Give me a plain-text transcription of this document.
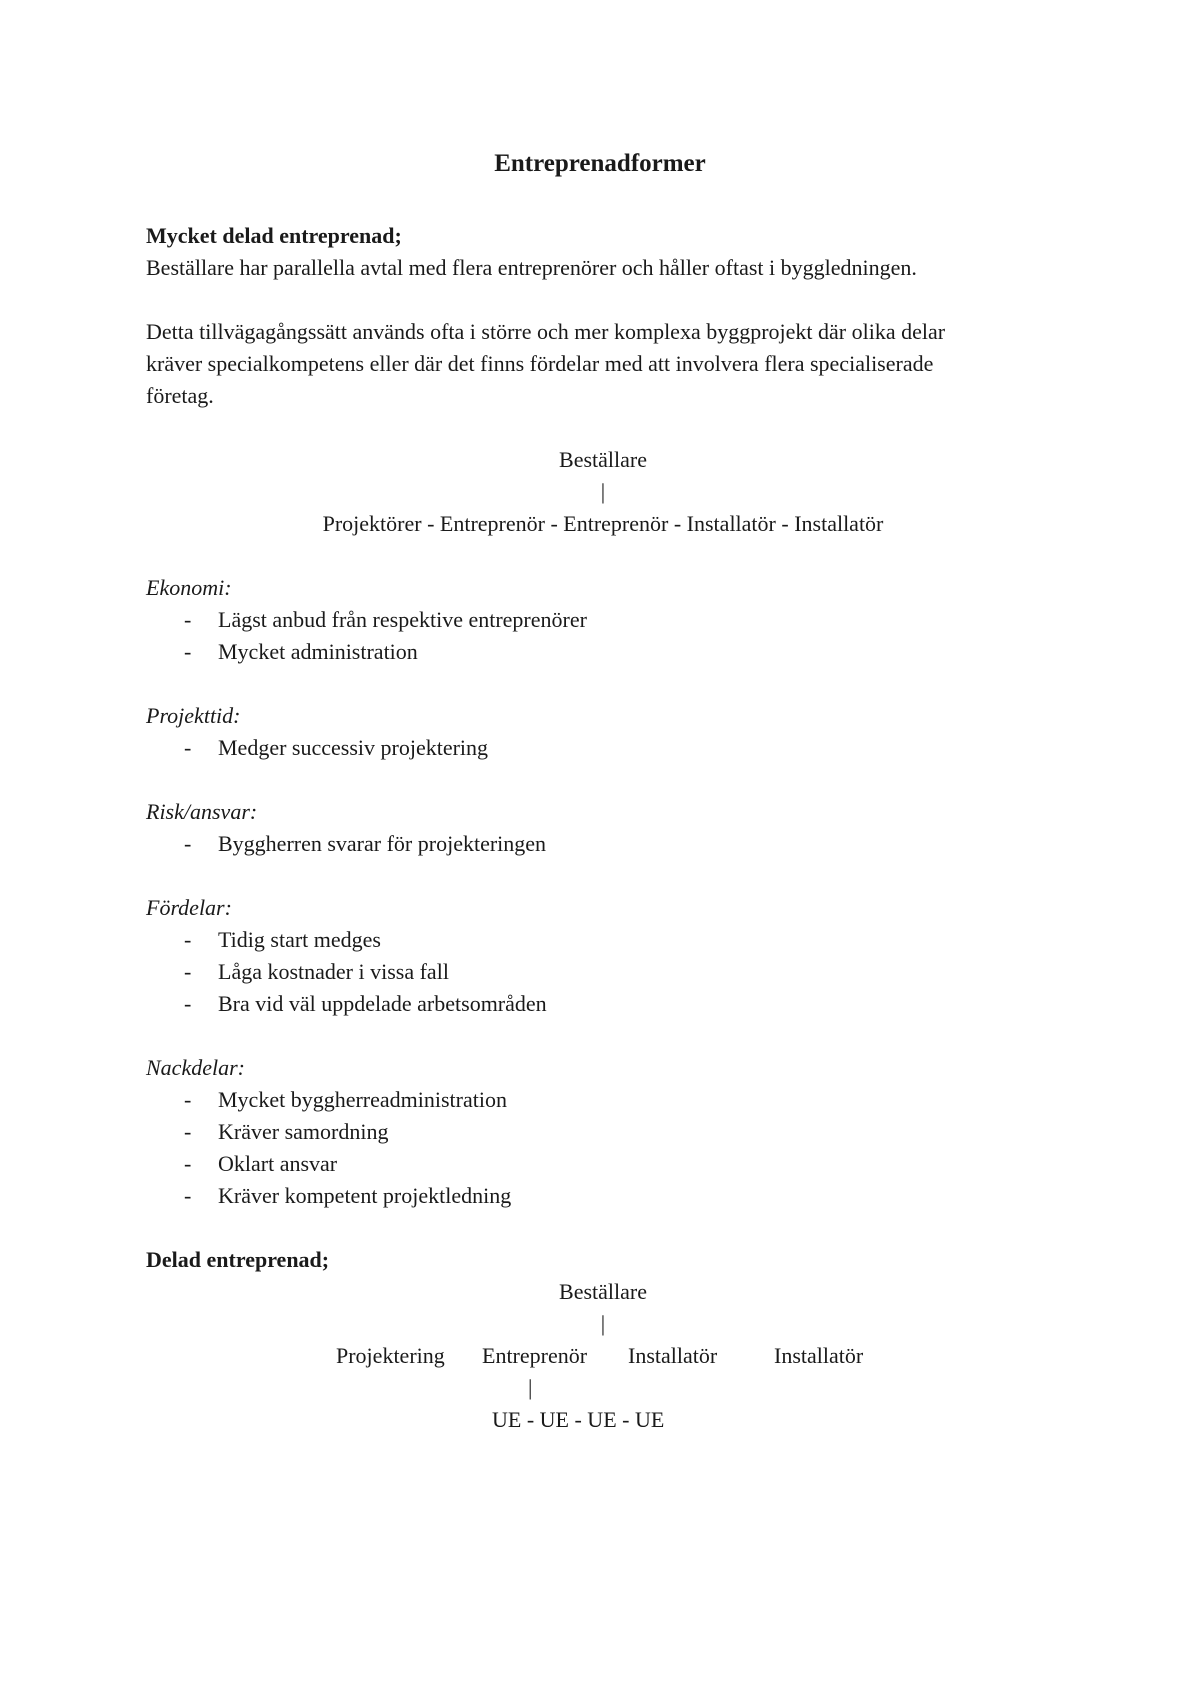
Entreprenadformer
Mycket delad entreprenad;
Beställare har parallella avtal med flera entreprenörer och håller oftast i byggledningen.
Detta tillvägagångssätt används ofta i större och mer komplexa byggprojekt där olika delar
kräver specialkompetens eller där det finns fördelar med att involvera flera specialiserade
företag.
Beställare
|
Projektörer - Entreprenör - Entreprenör - Installatör - Installatör
Ekonomi:
- Lägst anbud från respektive entreprenörer
- Mycket administration
Projekttid:
- Medger successiv projektering
Risk/ansvar:
- Byggherren svarar för projekteringen
Fördelar:
- Tidig start medges
- Låga kostnader i vissa fall
- Bra vid väl uppdelade arbetsområden
Nackdelar:
- Mycket byggherreadministration
- Kräver samordning
- Oklart ansvar
- Kräver kompetent projektledning
Delad entreprenad;
Beställare
|
Projektering Entreprenör Installatör	Installatör
|
UE - UE - UE - UE
